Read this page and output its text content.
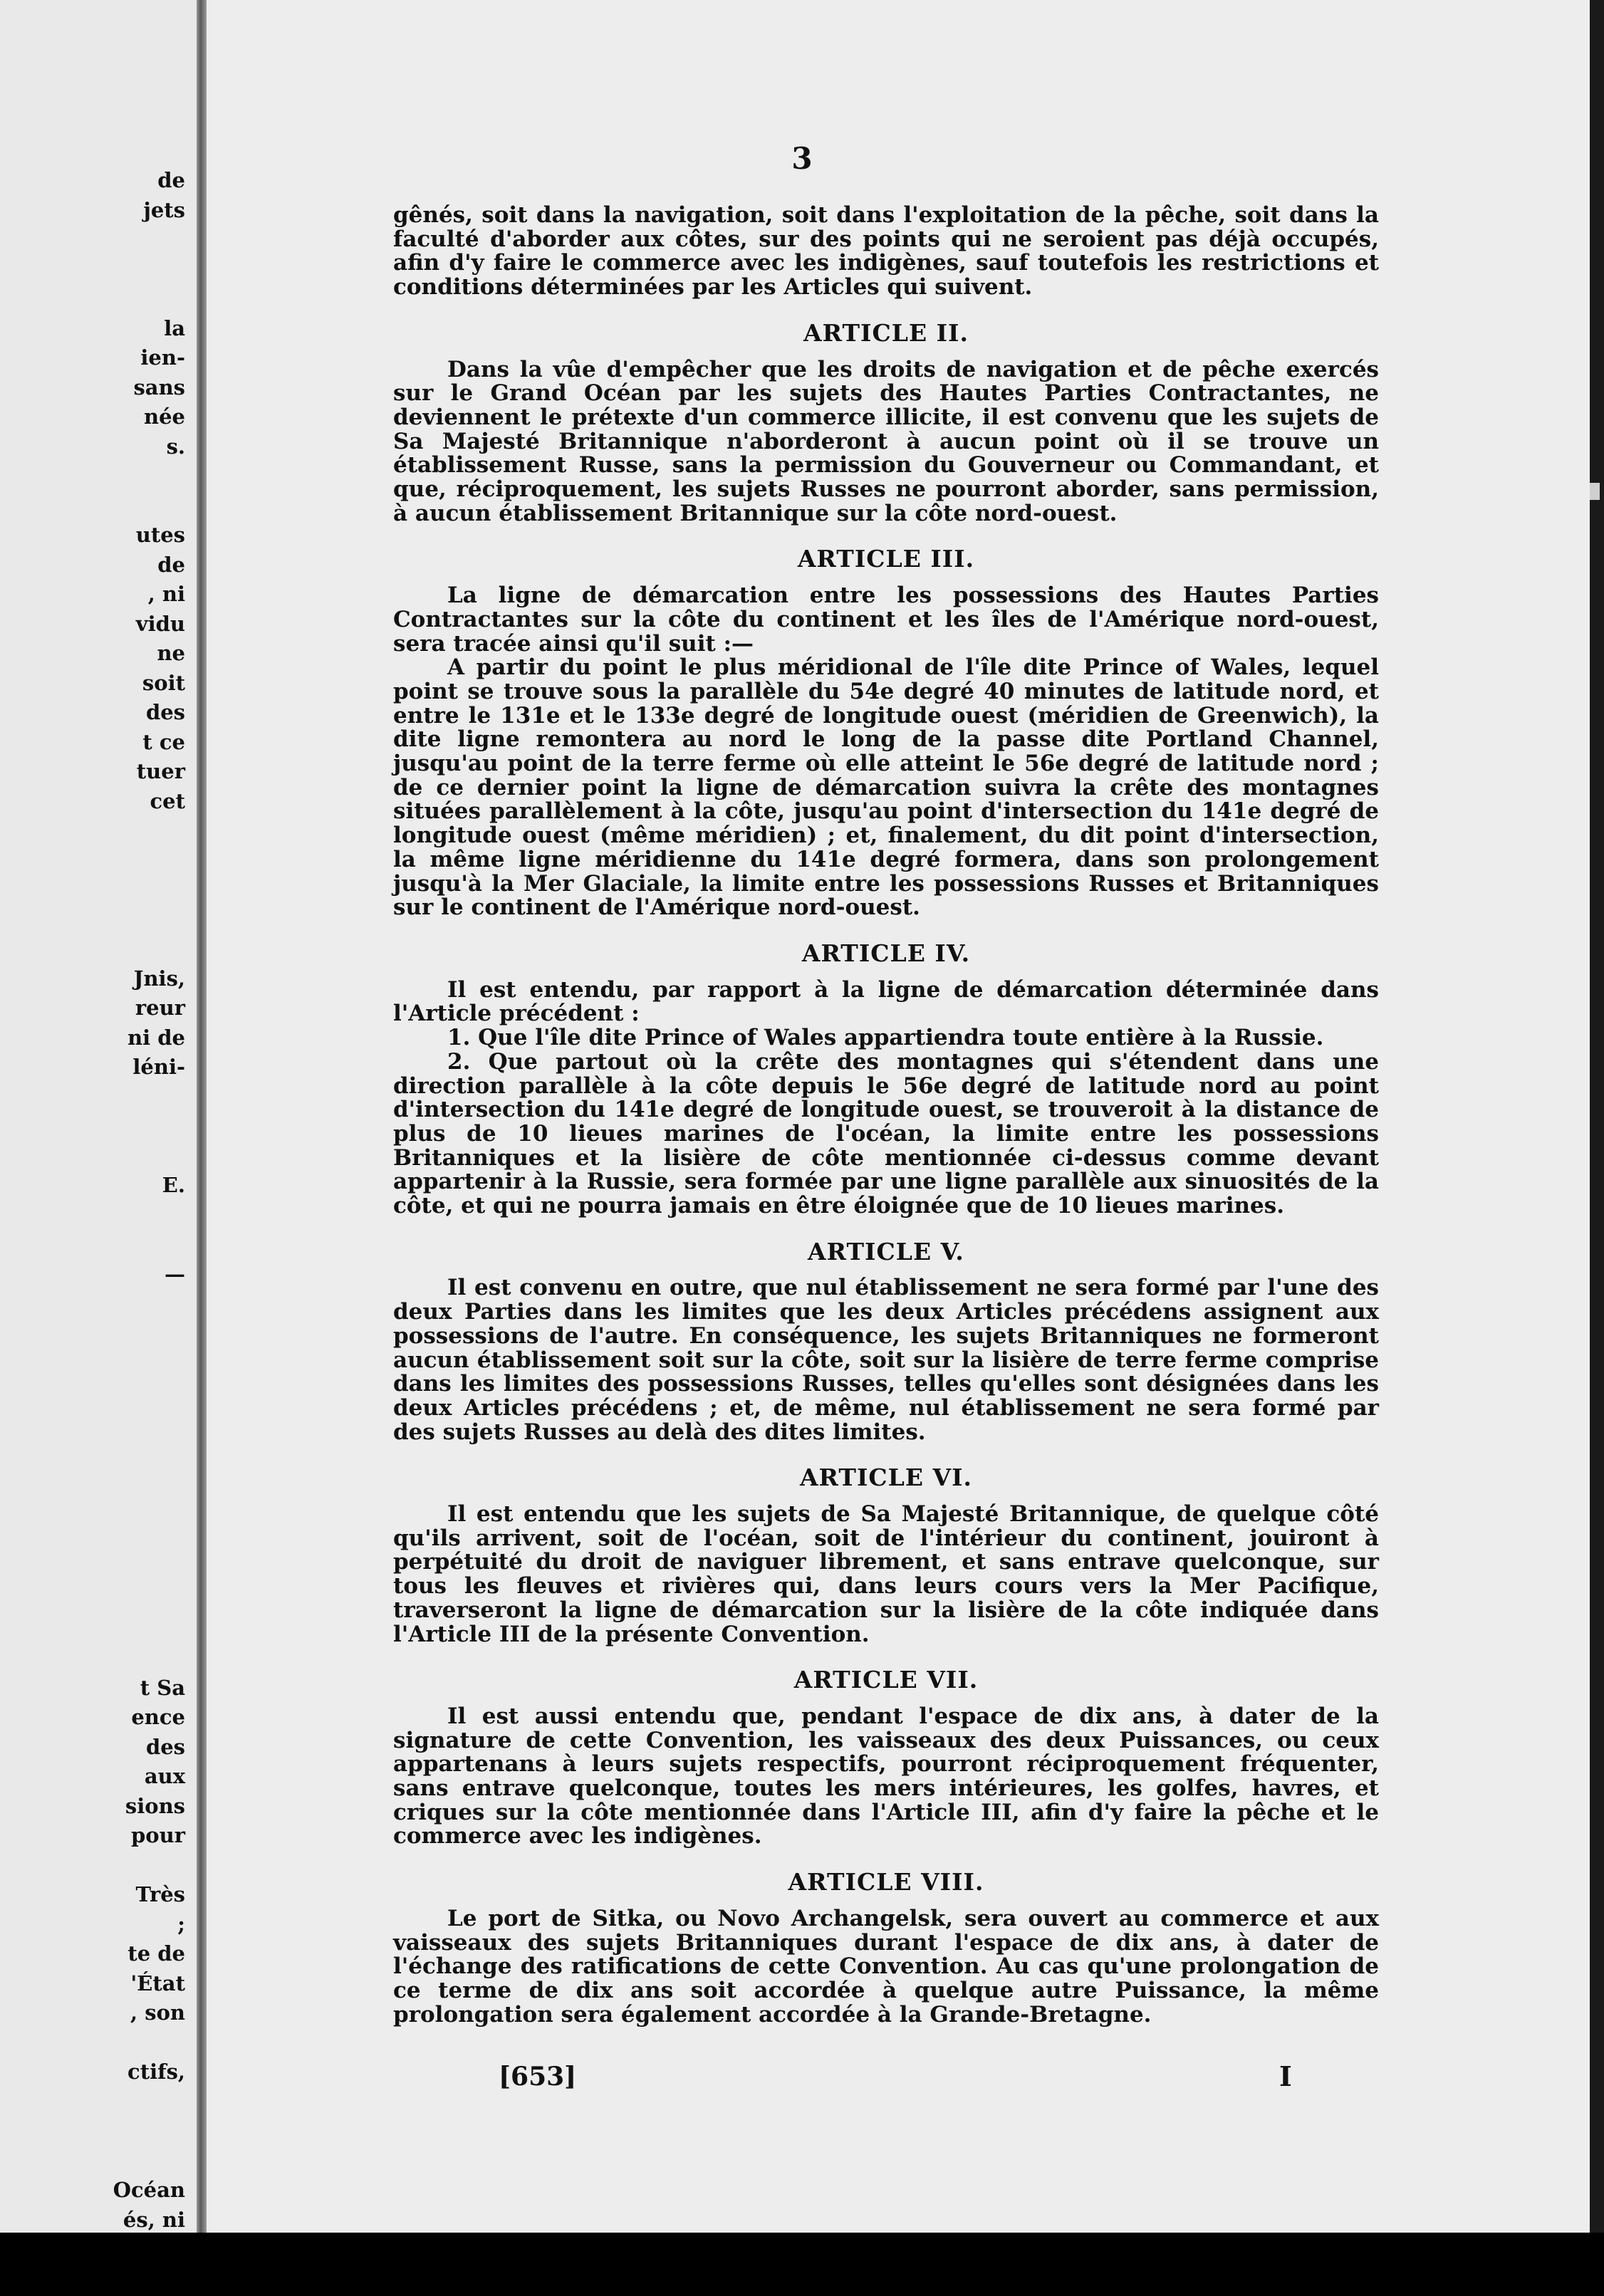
de
jets
la
ien-
sans
née
s.
utes
de
, ni
vidu
ne
soit
des
t ce
tuer
cet
Jnis,
reur
ni de
léni-
E.
—
t Sa
ence
des
aux
sions
pour
Très
;
te de
'État
, son
ctifs,
Océan
és, ni
3

gênés, soit dans la navigation, soit dans l'exploitation de la pêche, soit dans la faculté d'aborder aux côtes, sur des points qui ne seroient pas déjà occupés, afin d'y faire le commerce avec les indigènes, sauf toutefois les restrictions et conditions déterminées par les Articles qui suivent.

ARTICLE II.

Dans la vûe d'empêcher que les droits de navigation et de pêche exercés sur le Grand Océan par les sujets des Hautes Parties Contractantes, ne deviennent le prétexte d'un commerce illicite, il est convenu que les sujets de Sa Majesté Britannique n'aborderont à aucun point où il se trouve un établissement Russe, sans la permission du Gouverneur ou Commandant, et que, réciproquement, les sujets Russes ne pourront aborder, sans permission, à aucun établissement Britannique sur la côte nord-ouest.

ARTICLE III.

La ligne de démarcation entre les possessions des Hautes Parties Contractantes sur la côte du continent et les îles de l'Amérique nord-ouest, sera tracée ainsi qu'il suit :—

A partir du point le plus méridional de l'île dite Prince of Wales, lequel point se trouve sous la parallèle du 54e degré 40 minutes de latitude nord, et entre le 131e et le 133e degré de longitude ouest (méridien de Greenwich), la dite ligne remontera au nord le long de la passe dite Portland Channel, jusqu'au point de la terre ferme où elle atteint le 56e degré de latitude nord ; de ce dernier point la ligne de démarcation suivra la crête des montagnes situées parallèlement à la côte, jusqu'au point d'intersection du 141e degré de longitude ouest (même méridien) ; et, finalement, du dit point d'intersection, la même ligne méridienne du 141e degré formera, dans son prolongement jusqu'à la Mer Glaciale, la limite entre les possessions Russes et Britanniques sur le continent de l'Amérique nord-ouest.

ARTICLE IV.

Il est entendu, par rapport à la ligne de démarcation déterminée dans l'Article précédent :

1. Que l'île dite Prince of Wales appartiendra toute entière à la Russie.

2. Que partout où la crête des montagnes qui s'étendent dans une direction parallèle à la côte depuis le 56e degré de latitude nord au point d'intersection du 141e degré de longitude ouest, se trouveroit à la distance de plus de 10 lieues marines de l'océan, la limite entre les possessions Britanniques et la lisière de côte mentionnée ci-dessus comme devant appartenir à la Russie, sera formée par une ligne parallèle aux sinuosités de la côte, et qui ne pourra jamais en être éloignée que de 10 lieues marines.

ARTICLE V.

Il est convenu en outre, que nul établissement ne sera formé par l'une des deux Parties dans les limites que les deux Articles précédens assignent aux possessions de l'autre. En conséquence, les sujets Britanniques ne formeront aucun établissement soit sur la côte, soit sur la lisière de terre ferme comprise dans les limites des possessions Russes, telles qu'elles sont désignées dans les deux Articles précédens ; et, de même, nul établissement ne sera formé par des sujets Russes au delà des dites limites.

ARTICLE VI.

Il est entendu que les sujets de Sa Majesté Britannique, de quelque côté qu'ils arrivent, soit de l'océan, soit de l'intérieur du continent, jouiront à perpétuité du droit de naviguer librement, et sans entrave quelconque, sur tous les fleuves et rivières qui, dans leurs cours vers la Mer Pacifique, traverseront la ligne de démarcation sur la lisière de la côte indiquée dans l'Article III de la présente Convention.

ARTICLE VII.

Il est aussi entendu que, pendant l'espace de dix ans, à dater de la signature de cette Convention, les vaisseaux des deux Puissances, ou ceux appartenans à leurs sujets respectifs, pourront réciproquement fréquenter, sans entrave quelconque, toutes les mers intérieures, les golfes, havres, et criques sur la côte mentionnée dans l'Article III, afin d'y faire la pêche et le commerce avec les indigènes.

ARTICLE VIII.

Le port de Sitka, ou Novo Archangelsk, sera ouvert au commerce et aux vaisseaux des sujets Britanniques durant l'espace de dix ans, à dater de l'échange des ratifications de cette Convention. Au cas qu'une prolongation de ce terme de dix ans soit accordée à quelque autre Puissance, la même prolongation sera également accordée à la Grande-Bretagne.

[653]	I
